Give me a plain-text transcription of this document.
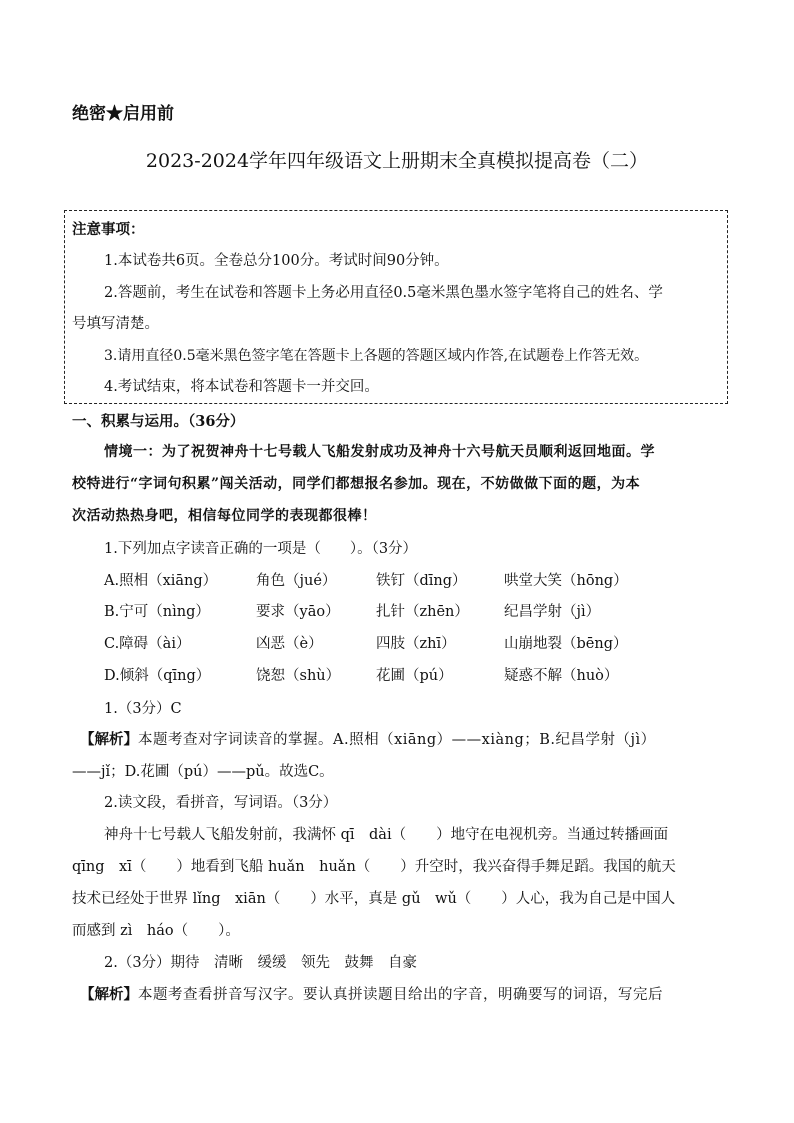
绝密★启用前
2023-2024学年四年级语文上册期末全真模拟提高卷（二）
注意事项：
1.本试卷共6页。全卷总分100分。考试时间90分钟。
2.答题前，考生在试卷和答题卡上务必用直径0.5毫米黑色墨水签字笔将自己的姓名、学
号填写清楚。
3.请用直径0.5毫米黑色签字笔在答题卡上各题的答题区域内作答,在试题卷上作答无效。
4.考试结束，将本试卷和答题卡一并交回。
一、积累与运用。（36分）
情境一：为了祝贺神舟十七号载人飞船发射成功及神舟十六号航天员顺利返回地面。学
校特进行“字词句积累”闯关活动，同学们都想报名参加。现在，不妨做做下面的题，为本
次活动热热身吧，相信每位同学的表现都很棒！
1.下列加点字读音正确的一项是（　　）。（3分）
A.照相（xiāng）	角色（jué）	铁钉（dīng）	哄堂大笑（hōng）
B.宁可（nìng）	要求（yāo）	扎针（zhēn） 纪昌学射（jì）
C.障碍（ài）	凶恶（è）	四肢（zhī）	山崩地裂（bēng）
D.倾斜（qīng）	饶恕（shù） 花圃（pú）	疑惑不解（huò）
1.（3分）C
【解析】本题考查对字词读音的掌握。A.照相（xiāng）——xiàng；B.纪昌学射（jì）
——jǐ；D.花圃（pú）——pǔ。故选C。
2.读文段，看拼音，写词语。（3分）
神舟十七号载人飞船发射前，我满怀 qī　dài（ ）地守在电视机旁。当通过转播画面
qīng　xī（ ）地看到飞船 huǎn　huǎn（ ）升空时，我兴奋得手舞足蹈。我国的航天
技术已经处于世界 lǐng　xiān（ ）水平，真是 gǔ　wǔ（ ）人心，我为自己是中国人
而感到 zì　háo（ ）。
2.（3分）期待　清晰　缓缓　领先　鼓舞　自豪
【解析】本题考查看拼音写汉字。要认真拼读题目给出的字音，明确要写的词语，写完后
